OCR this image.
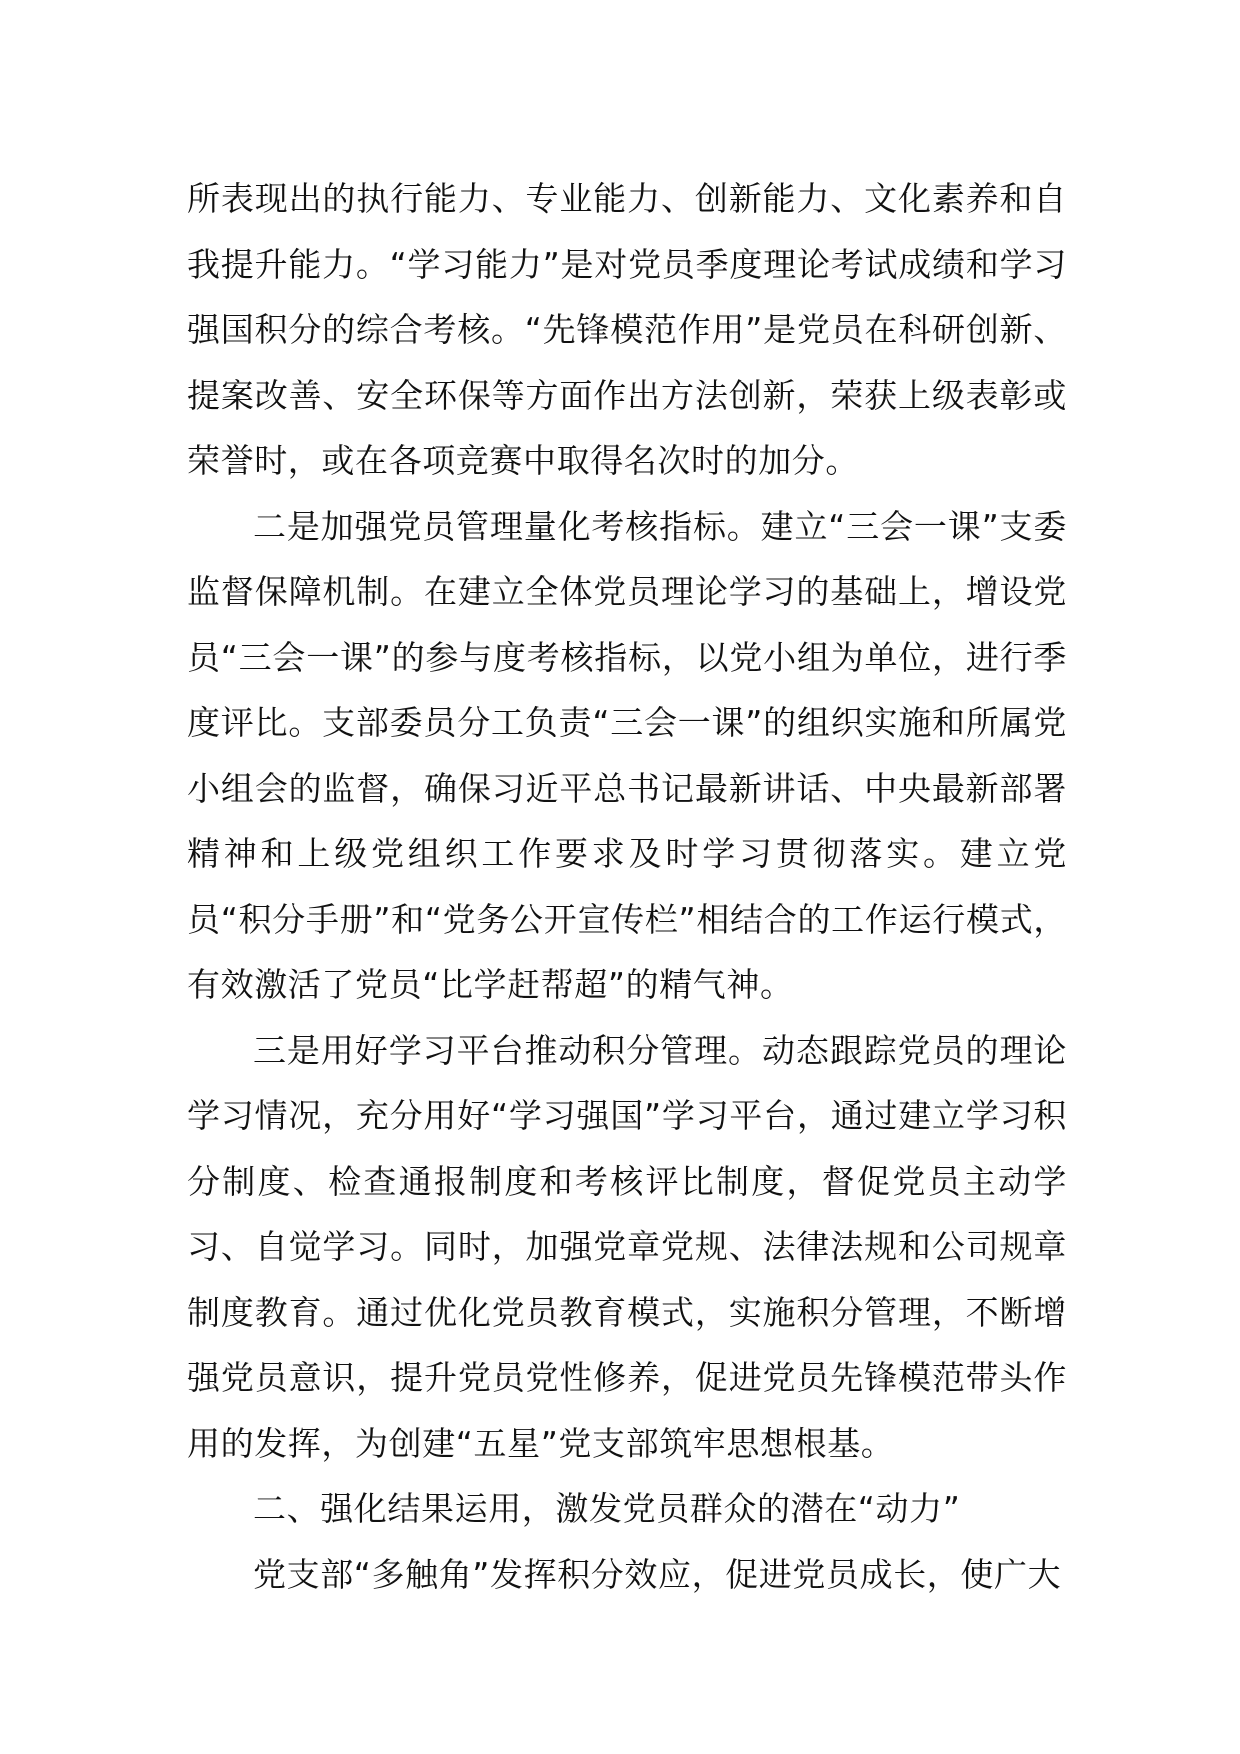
所表现出的执行能力、专业能力、创新能力、文化素养和自我提升能力。“学习能力”是对党员季度理论考试成绩和学习强国积分的综合考核。“先锋模范作用”是党员在科研创新、提案改善、安全环保等方面作出方法创新，荣获上级表彰或荣誉时，或在各项竞赛中取得名次时的加分。

二是加强党员管理量化考核指标。建立“三会一课”支委监督保障机制。在建立全体党员理论学习的基础上，增设党员“三会一课”的参与度考核指标，以党小组为单位，进行季度评比。支部委员分工负责“三会一课”的组织实施和所属党小组会的监督，确保习近平总书记最新讲话、中央最新部署精神和上级党组织工作要求及时学习贯彻落实。建立党员“积分手册”和“党务公开宣传栏”相结合的工作运行模式，有效激活了党员“比学赶帮超”的精气神。

三是用好学习平台推动积分管理。动态跟踪党员的理论学习情况，充分用好“学习强国”学习平台，通过建立学习积分制度、检查通报制度和考核评比制度，督促党员主动学习、自觉学习。同时，加强党章党规、法律法规和公司规章制度教育。通过优化党员教育模式，实施积分管理，不断增强党员意识，提升党员党性修养，促进党员先锋模范带头作用的发挥，为创建“五星”党支部筑牢思想根基。

二、强化结果运用，激发党员群众的潜在“动力”

党支部“多触角”发挥积分效应，促进党员成长，使广大
